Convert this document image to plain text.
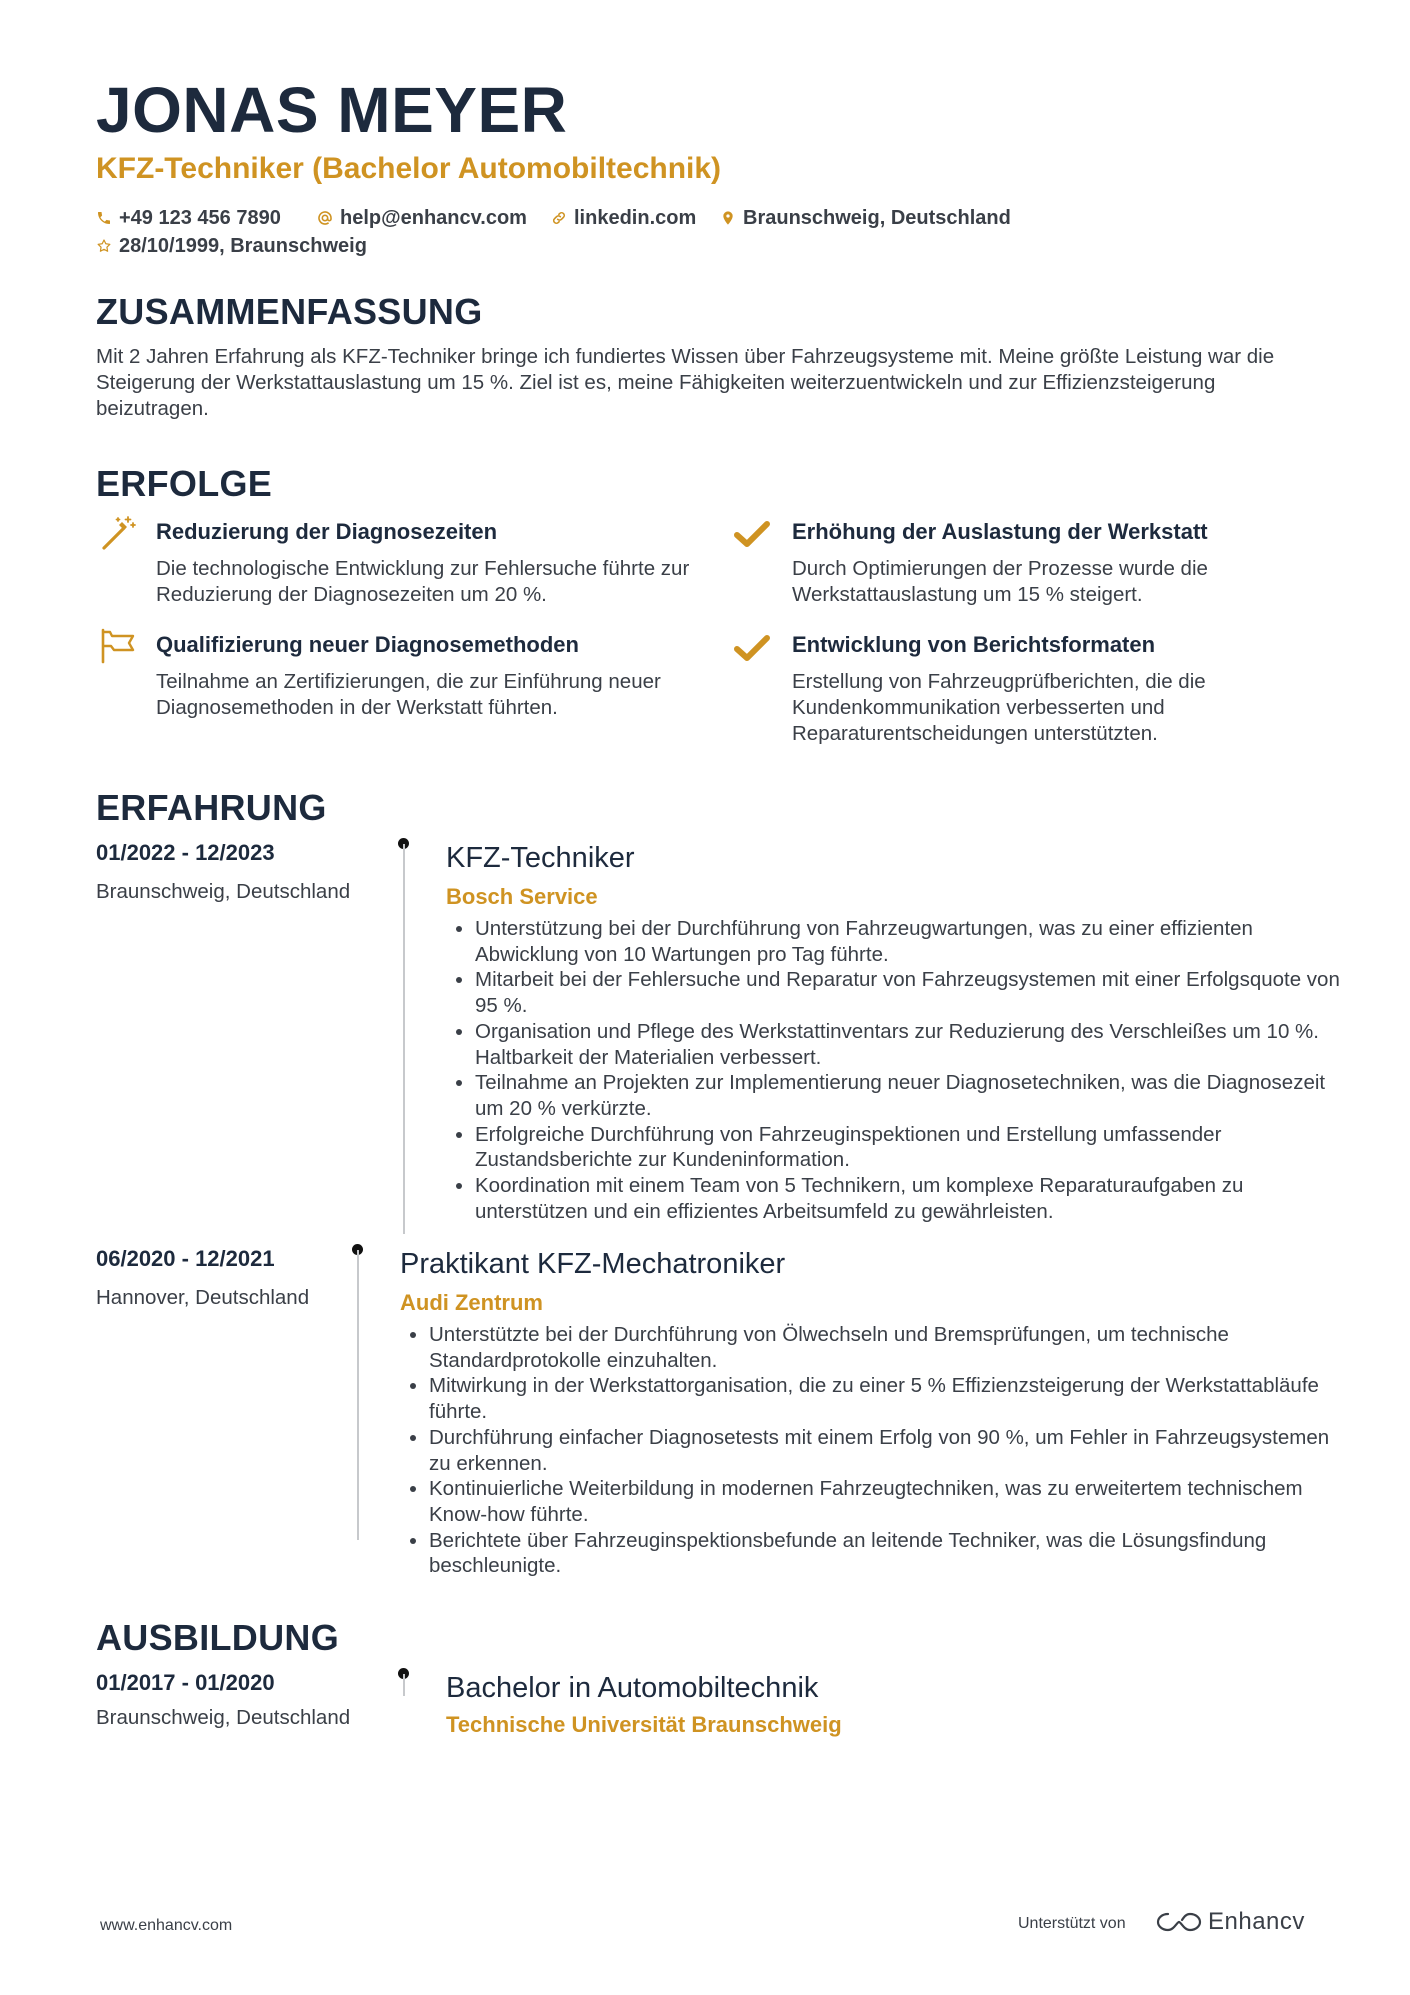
JONAS MEYER
KFZ-Techniker (Bachelor Automobiltechnik)
+49 123 456 7890	help@enhancv.com linkedin.com Braunschweig, Deutschland
28/10/1999, Braunschweig
ZUSAMMENFASSUNG
Mit 2 Jahren Erfahrung als KFZ-Techniker bringe ich fundiertes Wissen über Fahrzeugsysteme mit. Meine größte Leistung war die Steigerung der Werkstattauslastung um 15 %. Ziel ist es, meine Fähigkeiten weiterzuentwickeln und zur Effizienzsteigerung beizutragen.
ERFOLGE
Reduzierung der Diagnosezeiten
Die technologische Entwicklung zur Fehlersuche führte zur Reduzierung der Diagnosezeiten um 20 %.
Erhöhung der Auslastung der Werkstatt
Durch Optimierungen der Prozesse wurde die Werkstattauslastung um 15 % steigert.
Qualifizierung neuer Diagnosemethoden
Teilnahme an Zertifizierungen, die zur Einführung neuer Diagnosemethoden in der Werkstatt führten.
Entwicklung von Berichtsformaten
Erstellung von Fahrzeugprüfberichten, die die Kundenkommunikation verbesserten und Reparaturentscheidungen unterstützten.
ERFAHRUNG
01/2022 - 12/2023
Braunschweig, Deutschland
KFZ-Techniker
Bosch Service
• Unterstützung bei der Durchführung von Fahrzeugwartungen, was zu einer effizienten Abwicklung von 10 Wartungen pro Tag führte.
• Mitarbeit bei der Fehlersuche und Reparatur von Fahrzeugsystemen mit einer Erfolgsquote von 95 %.
• Organisation und Pflege des Werkstattinventars zur Reduzierung des Verschleißes um 10 %. Haltbarkeit der Materialien verbessert.
• Teilnahme an Projekten zur Implementierung neuer Diagnosetechniken, was die Diagnosezeit um 20 % verkürzte.
• Erfolgreiche Durchführung von Fahrzeuginspektionen und Erstellung umfassender Zustandsberichte zur Kundeninformation.
• Koordination mit einem Team von 5 Technikern, um komplexe Reparaturaufgaben zu unterstützen und ein effizientes Arbeitsumfeld zu gewährleisten.
06/2020 - 12/2021
Hannover, Deutschland
Praktikant KFZ-Mechatroniker
Audi Zentrum
• Unterstützte bei der Durchführung von Ölwechseln und Bremsprüfungen, um technische Standardprotokolle einzuhalten.
• Mitwirkung in der Werkstattorganisation, die zu einer 5 % Effizienzsteigerung der Werkstattabläufe führte.
• Durchführung einfacher Diagnosetests mit einem Erfolg von 90 %, um Fehler in Fahrzeugsystemen zu erkennen.
• Kontinuierliche Weiterbildung in modernen Fahrzeugtechniken, was zu erweitertem technischem Know-how führte.
• Berichtete über Fahrzeuginspektionsbefunde an leitende Techniker, was die Lösungsfindung beschleunigte.
AUSBILDUNG
01/2017 - 01/2020
Braunschweig, Deutschland
Bachelor in Automobiltechnik
Technische Universität Braunschweig
www.enhancv.com	Unterstützt von	Enhancv
